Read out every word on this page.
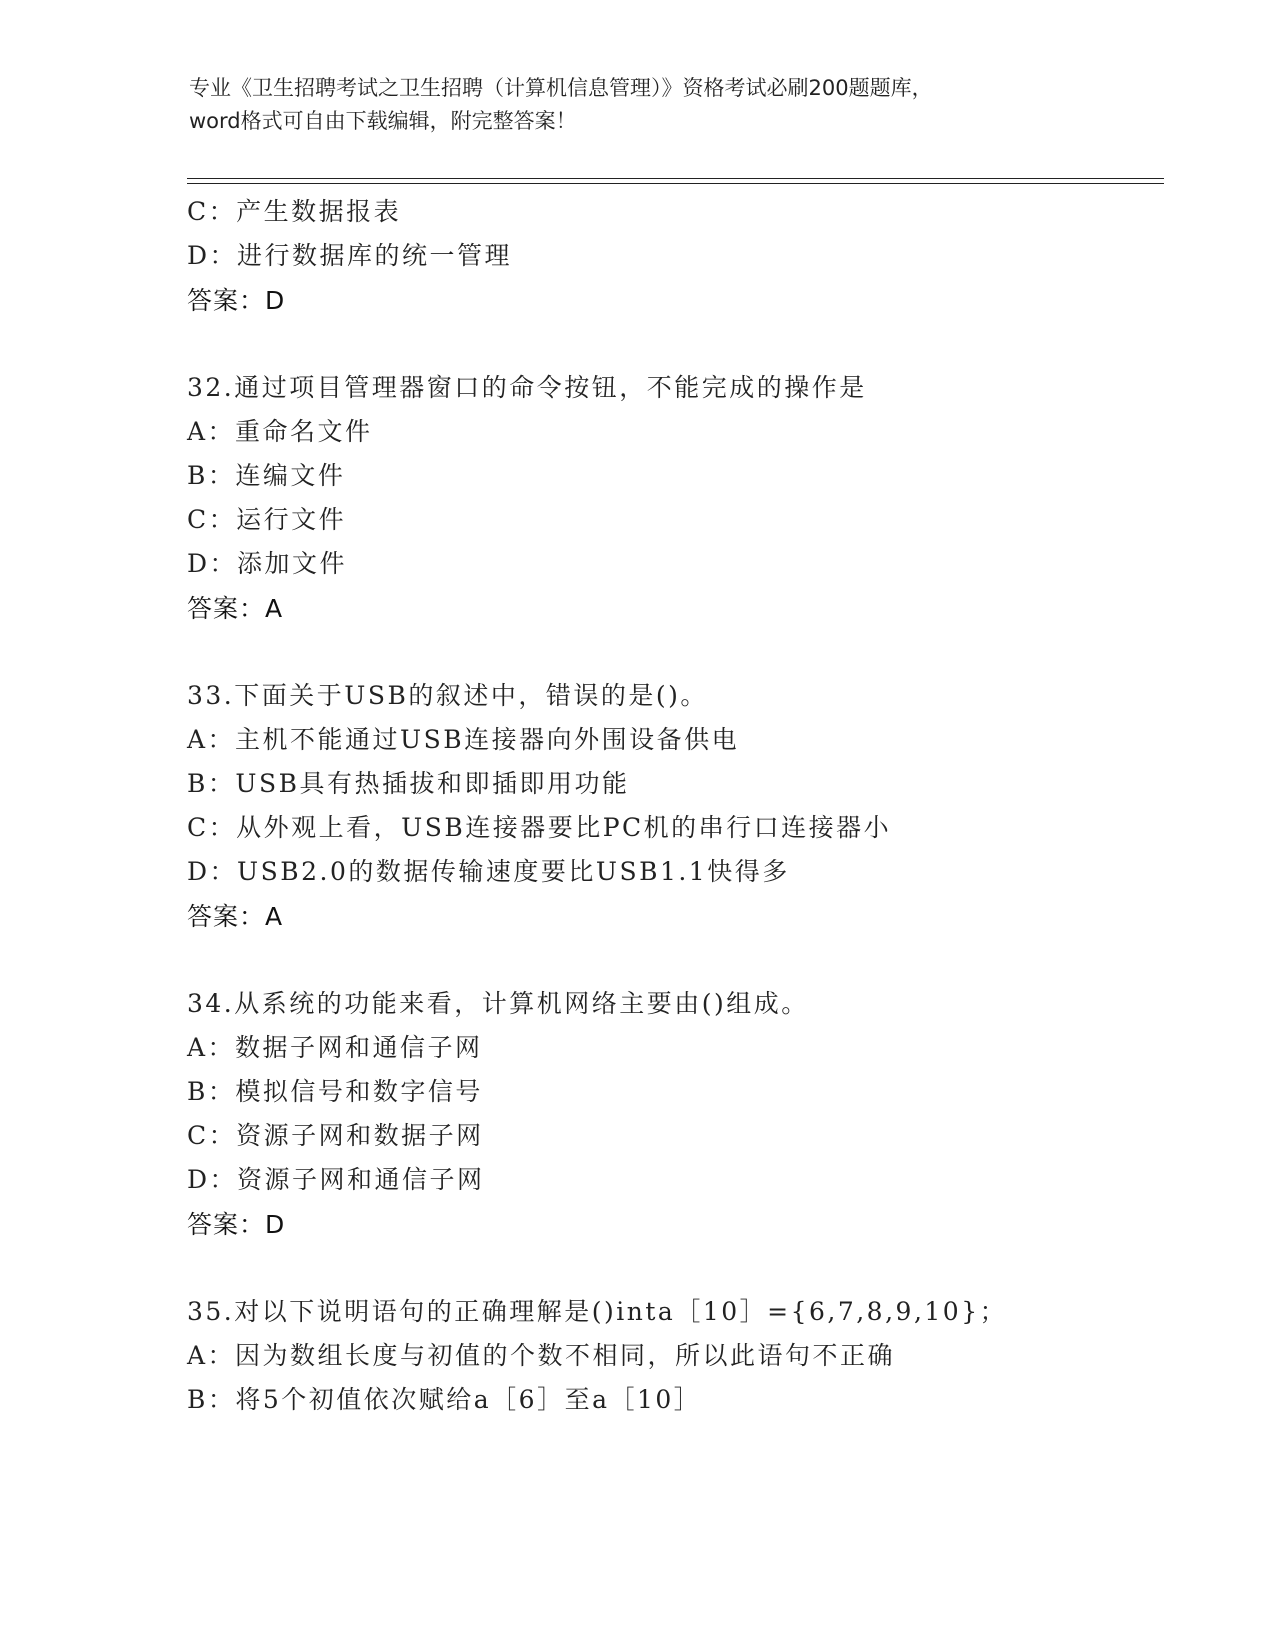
专业《卫生招聘考试之卫生招聘（计算机信息管理）》资格考试必刷200题题库，
word格式可自由下载编辑，附完整答案！
C：产生数据报表
D：进行数据库的统一管理
答案：D
32.通过项目管理器窗口的命令按钮，不能完成的操作是
A：重命名文件
B：连编文件
C：运行文件
D：添加文件
答案：A
33.下面关于USB的叙述中，错误的是()。
A：主机不能通过USB连接器向外围设备供电
B：USB具有热插拔和即插即用功能
C：从外观上看，USB连接器要比PC机的串行口连接器小
D：USB2.0的数据传输速度要比USB1.1快得多
答案：A
34.从系统的功能来看，计算机网络主要由()组成。
A：数据子网和通信子网
B：模拟信号和数字信号
C：资源子网和数据子网
D：资源子网和通信子网
答案：D
35.对以下说明语句的正确理解是()inta［10］={6,7,8,9,10}；
A：因为数组长度与初值的个数不相同，所以此语句不正确
B：将5个初值依次赋给a［6］至a［10］
